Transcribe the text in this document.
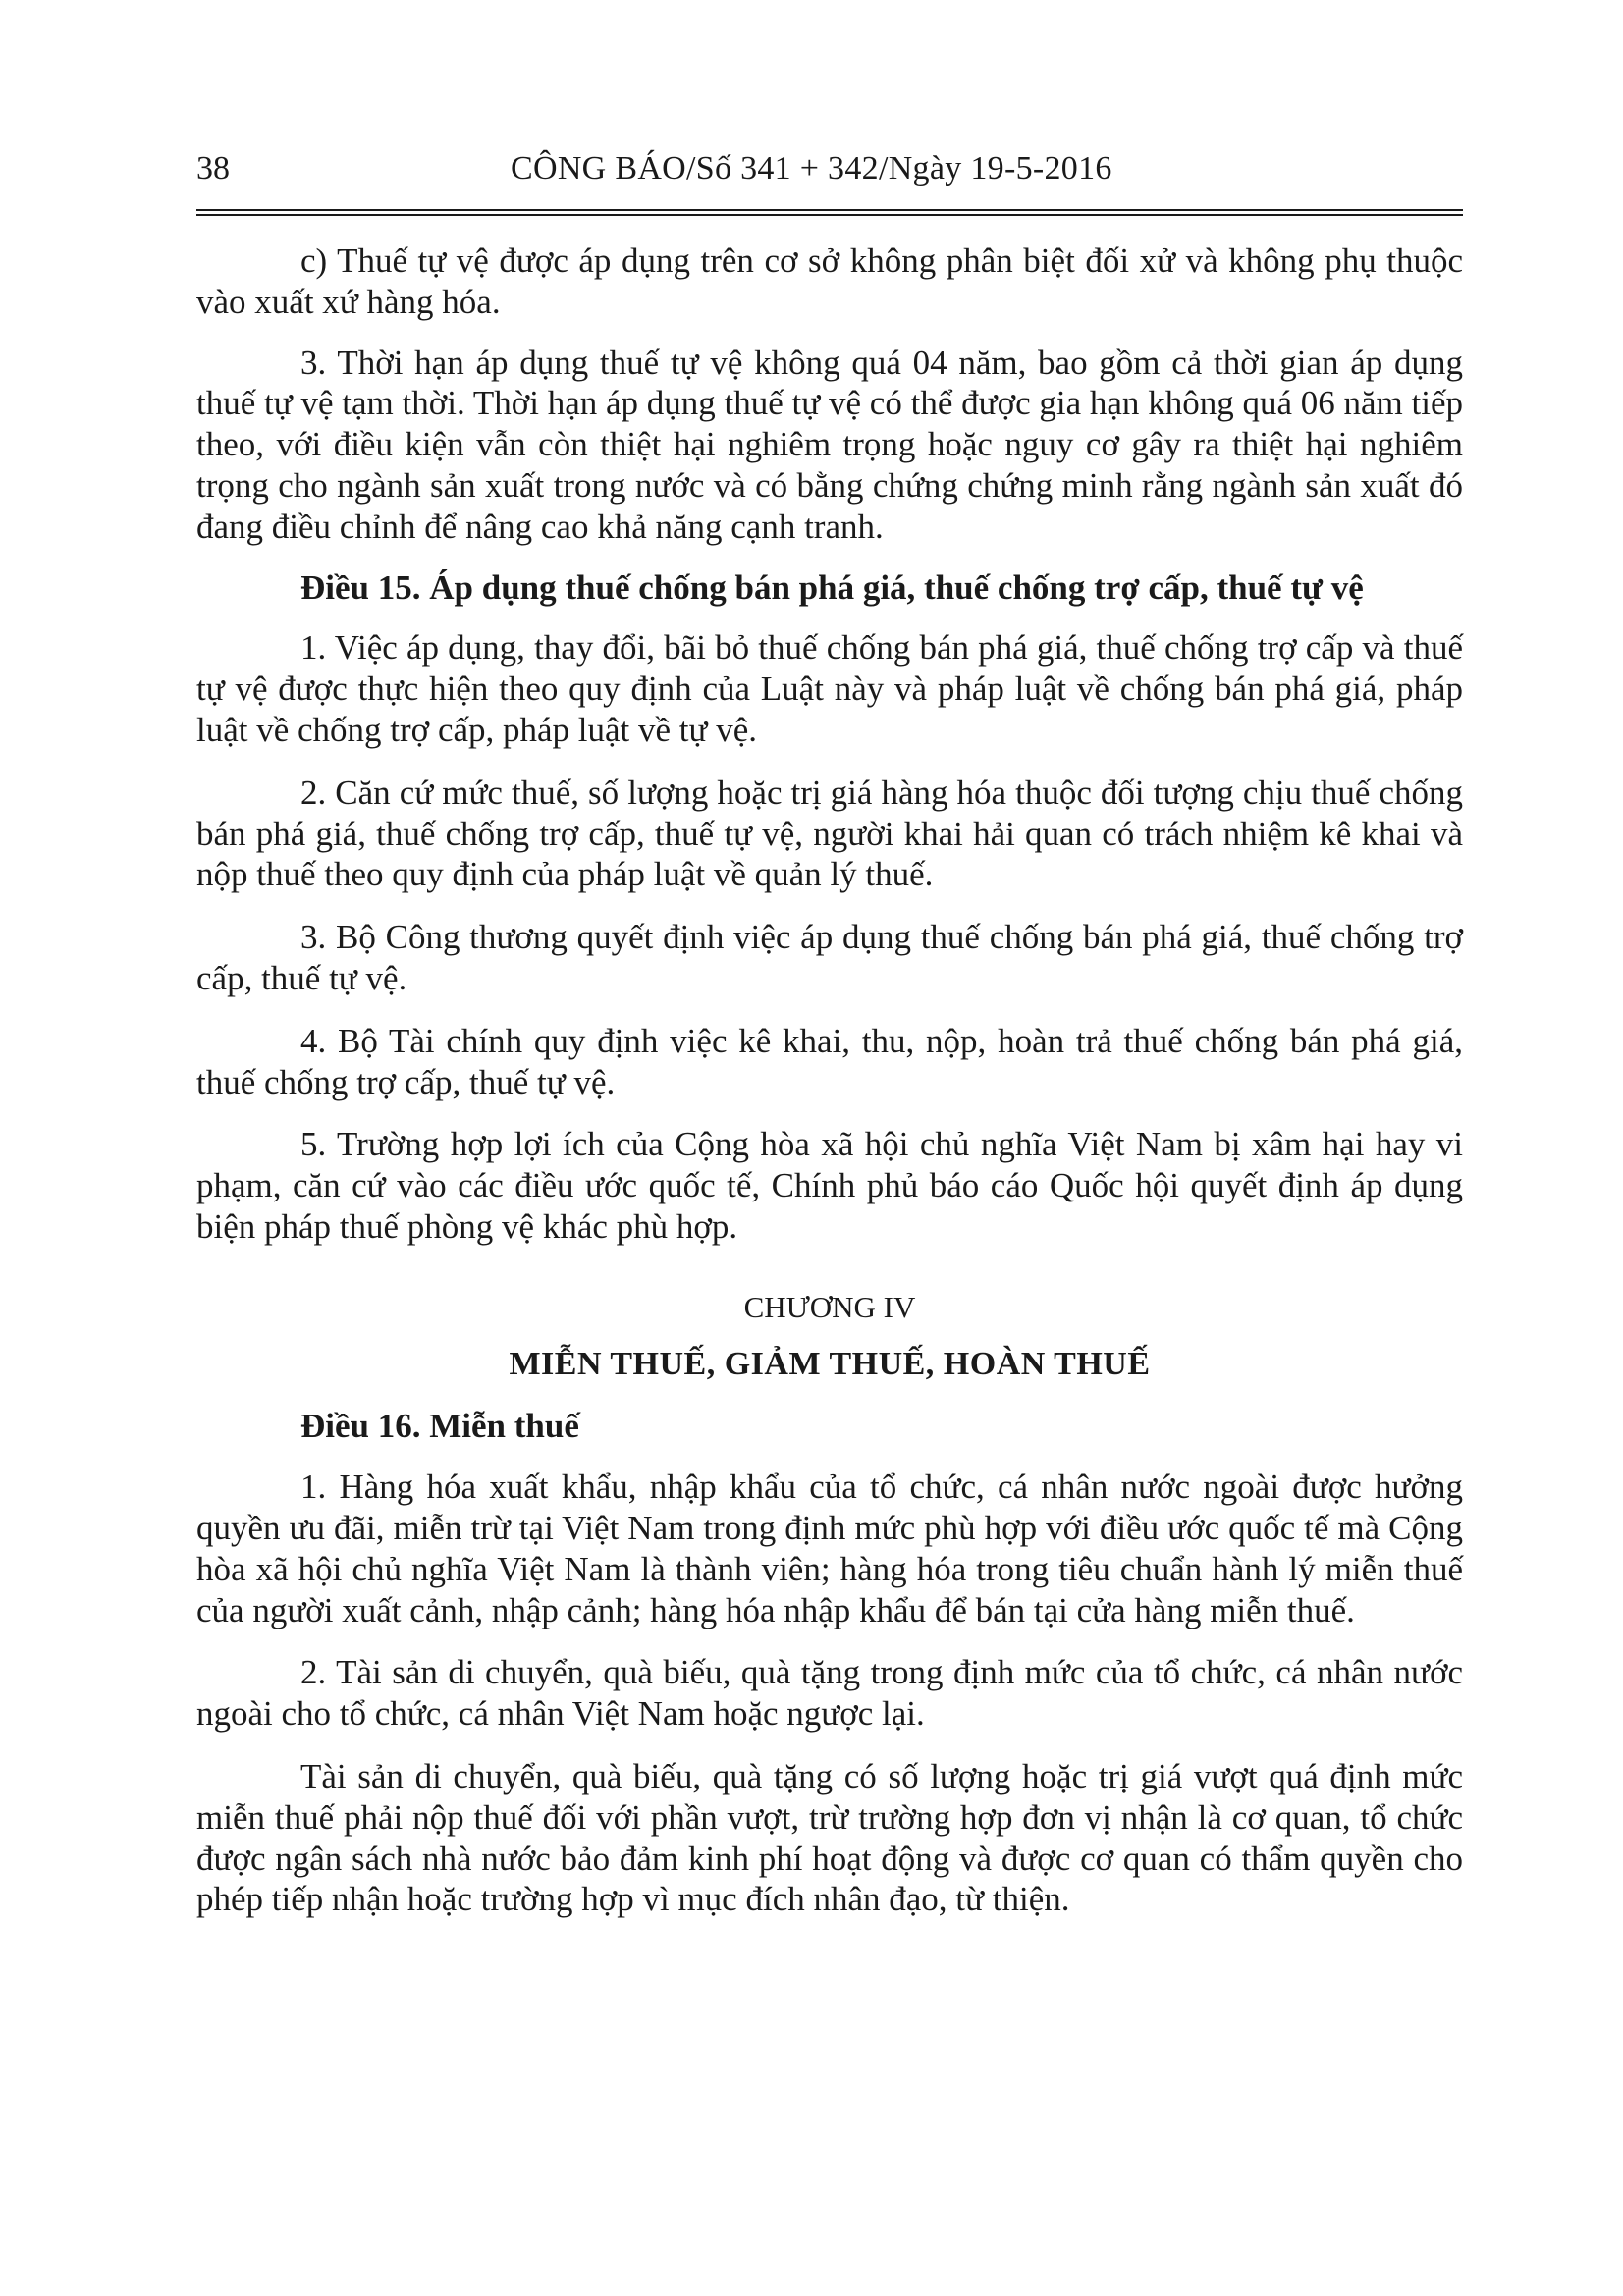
38	CÔNG BÁO/Số 341 + 342/Ngày 19-5-2016

c) Thuế tự vệ được áp dụng trên cơ sở không phân biệt đối xử và không phụ thuộc vào xuất xứ hàng hóa.

3. Thời hạn áp dụng thuế tự vệ không quá 04 năm, bao gồm cả thời gian áp dụng thuế tự vệ tạm thời. Thời hạn áp dụng thuế tự vệ có thể được gia hạn không quá 06 năm tiếp theo, với điều kiện vẫn còn thiệt hại nghiêm trọng hoặc nguy cơ gây ra thiệt hại nghiêm trọng cho ngành sản xuất trong nước và có bằng chứng chứng minh rằng ngành sản xuất đó đang điều chỉnh để nâng cao khả năng cạnh tranh.

Điều 15. Áp dụng thuế chống bán phá giá, thuế chống trợ cấp, thuế tự vệ

1. Việc áp dụng, thay đổi, bãi bỏ thuế chống bán phá giá, thuế chống trợ cấp và thuế tự vệ được thực hiện theo quy định của Luật này và pháp luật về chống bán phá giá, pháp luật về chống trợ cấp, pháp luật về tự vệ.

2. Căn cứ mức thuế, số lượng hoặc trị giá hàng hóa thuộc đối tượng chịu thuế chống bán phá giá, thuế chống trợ cấp, thuế tự vệ, người khai hải quan có trách nhiệm kê khai và nộp thuế theo quy định của pháp luật về quản lý thuế.

3. Bộ Công thương quyết định việc áp dụng thuế chống bán phá giá, thuế chống trợ cấp, thuế tự vệ.

4. Bộ Tài chính quy định việc kê khai, thu, nộp, hoàn trả thuế chống bán phá giá, thuế chống trợ cấp, thuế tự vệ.

5. Trường hợp lợi ích của Cộng hòa xã hội chủ nghĩa Việt Nam bị xâm hại hay vi phạm, căn cứ vào các điều ước quốc tế, Chính phủ báo cáo Quốc hội quyết định áp dụng biện pháp thuế phòng vệ khác phù hợp.

CHƯƠNG IV

MIỄN THUẾ, GIẢM THUẾ, HOÀN THUẾ

Điều 16. Miễn thuế

1. Hàng hóa xuất khẩu, nhập khẩu của tổ chức, cá nhân nước ngoài được hưởng quyền ưu đãi, miễn trừ tại Việt Nam trong định mức phù hợp với điều ước quốc tế mà Cộng hòa xã hội chủ nghĩa Việt Nam là thành viên; hàng hóa trong tiêu chuẩn hành lý miễn thuế của người xuất cảnh, nhập cảnh; hàng hóa nhập khẩu để bán tại cửa hàng miễn thuế.

2. Tài sản di chuyển, quà biếu, quà tặng trong định mức của tổ chức, cá nhân nước ngoài cho tổ chức, cá nhân Việt Nam hoặc ngược lại.

Tài sản di chuyển, quà biếu, quà tặng có số lượng hoặc trị giá vượt quá định mức miễn thuế phải nộp thuế đối với phần vượt, trừ trường hợp đơn vị nhận là cơ quan, tổ chức được ngân sách nhà nước bảo đảm kinh phí hoạt động và được cơ quan có thẩm quyền cho phép tiếp nhận hoặc trường hợp vì mục đích nhân đạo, từ thiện.
